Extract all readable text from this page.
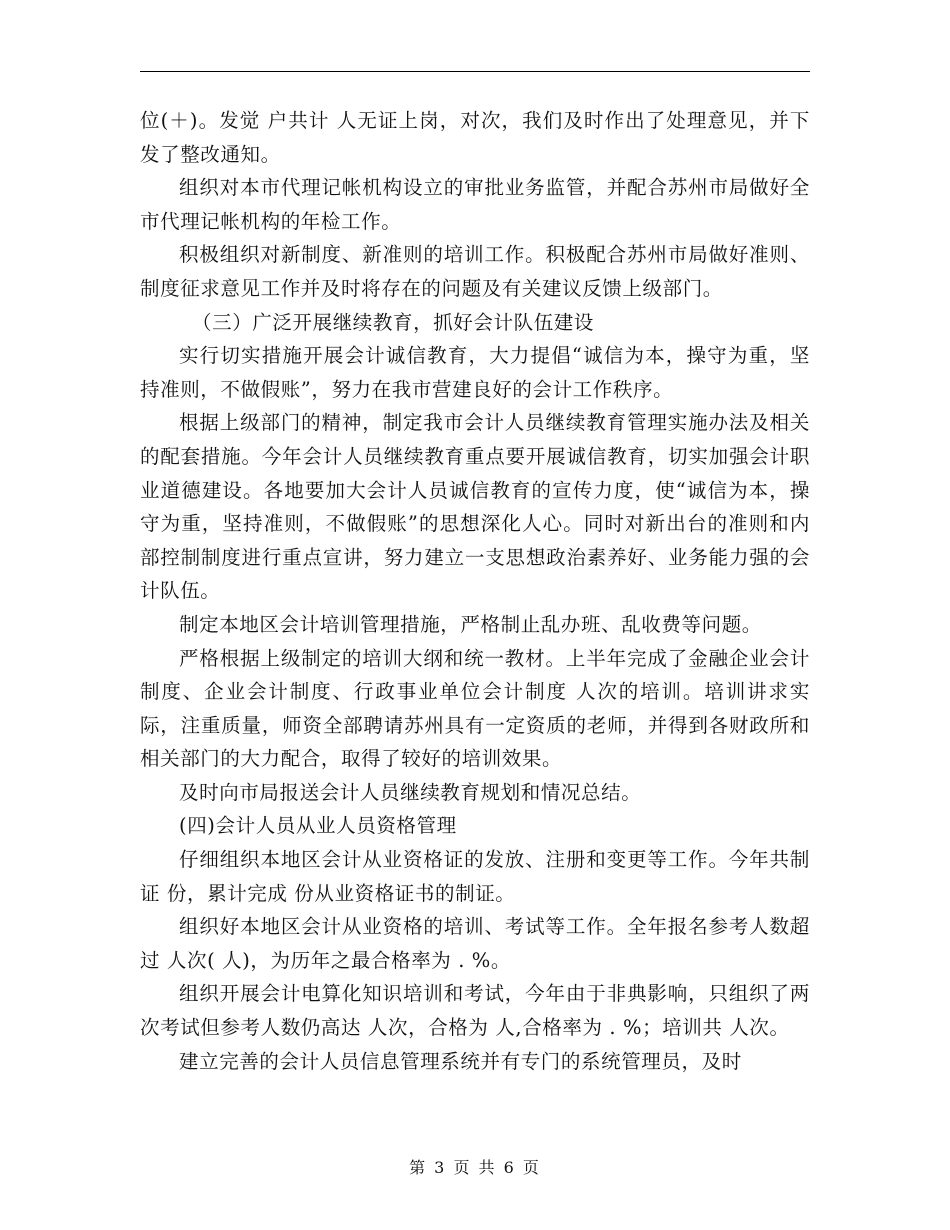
位(＋)。发觉 户共计 人无证上岗，对次，我们及时作出了处理意见，并下发了整改通知。

组织对本市代理记帐机构设立的审批业务监管，并配合苏州市局做好全市代理记帐机构的年检工作。

积极组织对新制度、新准则的培训工作。积极配合苏州市局做好准则、制度征求意见工作并及时将存在的问题及有关建议反馈上级部门。

（三）广泛开展继续教育，抓好会计队伍建设

实行切实措施开展会计诚信教育，大力提倡“诚信为本，操守为重，坚持准则，不做假账”，努力在我市营建良好的会计工作秩序。

根据上级部门的精神，制定我市会计人员继续教育管理实施办法及相关的配套措施。今年会计人员继续教育重点要开展诚信教育，切实加强会计职业道德建设。各地要加大会计人员诚信教育的宣传力度，使“诚信为本，操守为重，坚持准则，不做假账”的思想深化人心。同时对新出台的准则和内部控制制度进行重点宣讲，努力建立一支思想政治素养好、业务能力强的会计队伍。

制定本地区会计培训管理措施，严格制止乱办班、乱收费等问题。

严格根据上级制定的培训大纲和统一教材。上半年完成了金融企业会计制度、企业会计制度、行政事业单位会计制度 人次的培训。培训讲求实际，注重质量，师资全部聘请苏州具有一定资质的老师，并得到各财政所和相关部门的大力配合，取得了较好的培训效果。

及时向市局报送会计人员继续教育规划和情况总结。

(四)会计人员从业人员资格管理

仔细组织本地区会计从业资格证的发放、注册和变更等工作。今年共制证 份，累计完成 份从业资格证书的制证。

组织好本地区会计从业资格的培训、考试等工作。全年报名参考人数超过 人次( 人)，为历年之最合格率为 . %。

组织开展会计电算化知识培训和考试，今年由于非典影响，只组织了两次考试但参考人数仍高达 人次，合格为 人,合格率为 . %；培训共 人次。

建立完善的会计人员信息管理系统并有专门的系统管理员，及时

第 3 页 共 6 页
